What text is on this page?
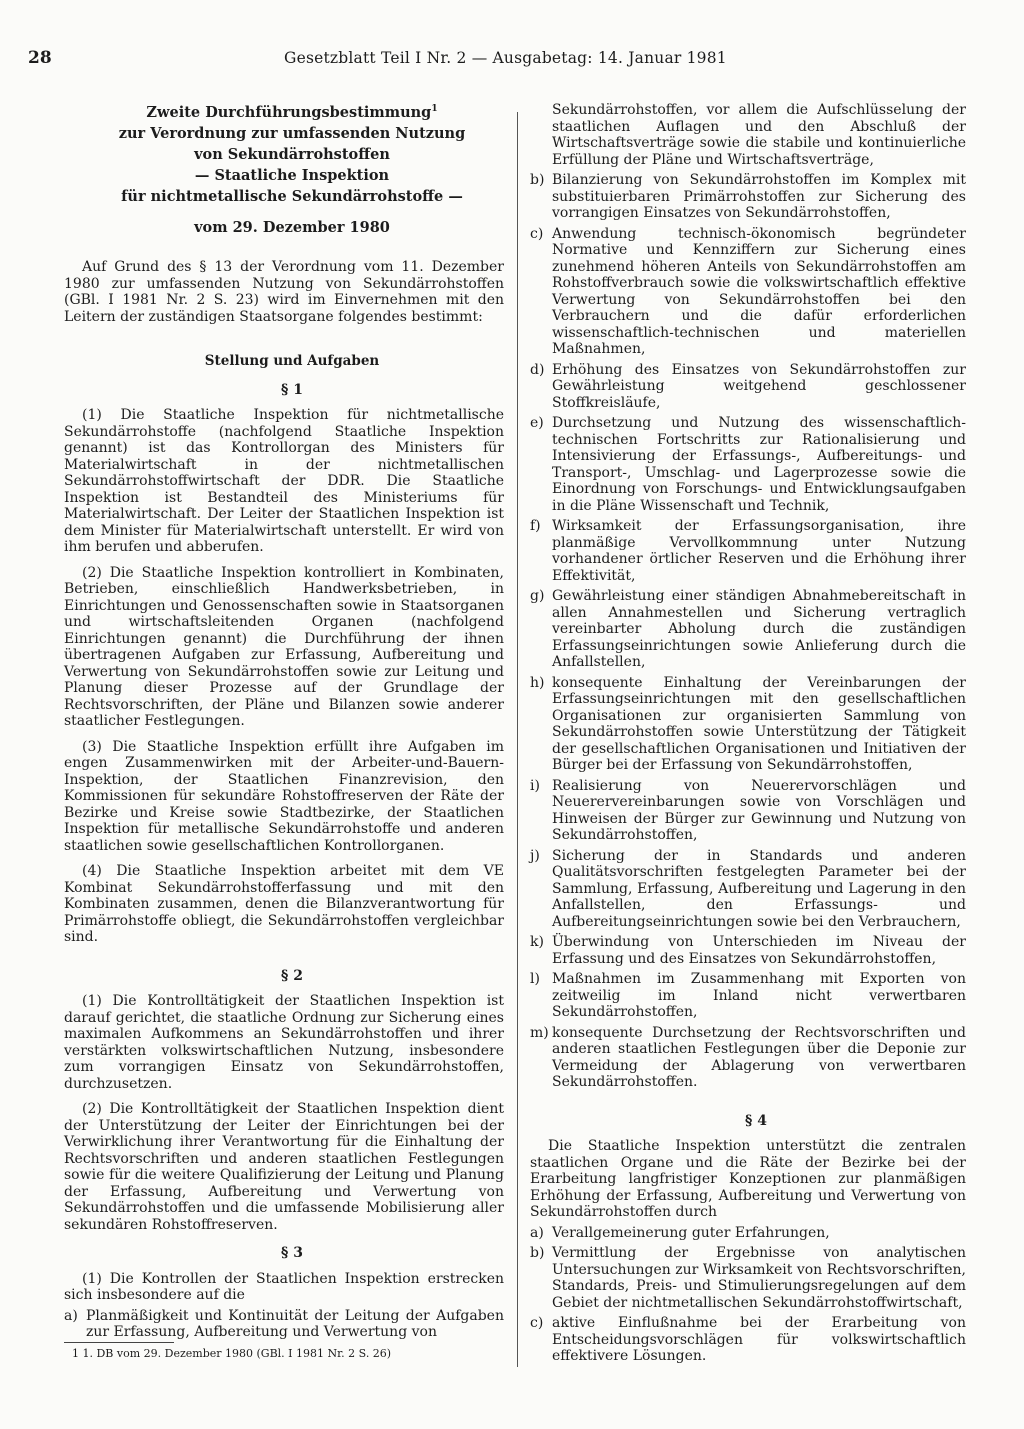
28	Gesetzblatt Teil I Nr. 2 — Ausgabetag: 14. Januar 1981
Zweite Durchführungsbestimmung$^1$
zur Verordnung zur umfassenden Nutzung
von Sekundärrohstoffen
— Staatliche Inspektion
für nichtmetallische Sekundärrohstoffe —
vom 29. Dezember 1980

Auf Grund des § 13 der Verordnung vom 11. Dezember 1980 zur umfassenden Nutzung von Sekundärrohstoffen (GBl. I 1981 Nr. 2 S. 23) wird im Einvernehmen mit den Leitern der zuständigen Staatsorgane folgendes bestimmt:

Stellung und Aufgaben
§ 1

(1) Die Staatliche Inspektion für nichtmetallische Sekundärrohstoffe (nachfolgend Staatliche Inspektion genannt) ist das Kontrollorgan des Ministers für Materialwirtschaft in der nichtmetallischen Sekundärrohstoffwirtschaft der DDR. Die Staatliche Inspektion ist Bestandteil des Ministeriums für Materialwirtschaft. Der Leiter der Staatlichen Inspektion ist dem Minister für Materialwirtschaft unterstellt. Er wird von ihm berufen und abberufen.

(2) Die Staatliche Inspektion kontrolliert in Kombinaten, Betrieben, einschließlich Handwerksbetrieben, in Einrichtungen und Genossenschaften sowie in Staatsorganen und wirtschaftsleitenden Organen (nachfolgend Einrichtungen genannt) die Durchführung der ihnen übertragenen Aufgaben zur Erfassung, Aufbereitung und Verwertung von Sekundärrohstoffen sowie zur Leitung und Planung dieser Prozesse auf der Grundlage der Rechtsvorschriften, der Pläne und Bilanzen sowie anderer staatlicher Festlegungen.

(3) Die Staatliche Inspektion erfüllt ihre Aufgaben im engen Zusammenwirken mit der Arbeiter-und-Bauern-Inspektion, der Staatlichen Finanzrevision, den Kommissionen für sekundäre Rohstoffreserven der Räte der Bezirke und Kreise sowie Stadtbezirke, der Staatlichen Inspektion für metallische Sekundärrohstoffe und anderen staatlichen sowie gesellschaftlichen Kontrollorganen.

(4) Die Staatliche Inspektion arbeitet mit dem VE Kombinat Sekundärrohstofferfassung und mit den Kombinaten zusammen, denen die Bilanzverantwortung für Primärrohstoffe obliegt, die Sekundärrohstoffen vergleichbar sind.

§ 2

(1) Die Kontrolltätigkeit der Staatlichen Inspektion ist darauf gerichtet, die staatliche Ordnung zur Sicherung eines maximalen Aufkommens an Sekundärrohstoffen und ihrer verstärkten volkswirtschaftlichen Nutzung, insbesondere zum vorrangigen Einsatz von Sekundärrohstoffen, durchzusetzen.

(2) Die Kontrolltätigkeit der Staatlichen Inspektion dient der Unterstützung der Leiter der Einrichtungen bei der Verwirklichung ihrer Verantwortung für die Einhaltung der Rechtsvorschriften und anderen staatlichen Festlegungen sowie für die weitere Qualifizierung der Leitung und Planung der Erfassung, Aufbereitung und Verwertung von Sekundärrohstoffen und die umfassende Mobilisierung aller sekundären Rohstoffreserven.

§ 3

(1) Die Kontrollen der Staatlichen Inspektion erstrecken sich insbesondere auf die

a) Planmäßigkeit und Kontinuität der Leitung der Aufgaben zur Erfassung, Aufbereitung und Verwertung von
1 1. DB vom 29. Dezember 1980 (GBl. I 1981 Nr. 2 S. 26)
Sekundärrohstoffen, vor allem die Aufschlüsselung der staatlichen Auflagen und den Abschluß der Wirtschaftsverträge sowie die stabile und kontinuierliche Erfüllung der Pläne und Wirtschaftsverträge,
b) Bilanzierung von Sekundärrohstoffen im Komplex mit substituierbaren Primärrohstoffen zur Sicherung des vorrangigen Einsatzes von Sekundärrohstoffen,
c) Anwendung technisch-ökonomisch begründeter Normative und Kennziffern zur Sicherung eines zunehmend höheren Anteils von Sekundärrohstoffen am Rohstoffverbrauch sowie die volkswirtschaftlich effektive Verwertung von Sekundärrohstoffen bei den Verbrauchern und die dafür erforderlichen wissenschaftlich-technischen und materiellen Maßnahmen,
d) Erhöhung des Einsatzes von Sekundärrohstoffen zur Gewährleistung weitgehend geschlossener Stoffkreisläufe,
e) Durchsetzung und Nutzung des wissenschaftlich-technischen Fortschritts zur Rationalisierung und Intensivierung der Erfassungs-, Aufbereitungs- und Transport-, Umschlag- und Lagerprozesse sowie die Einordnung von Forschungs- und Entwicklungsaufgaben in die Pläne Wissenschaft und Technik,
f) Wirksamkeit der Erfassungsorganisation, ihre planmäßige Vervollkommnung unter Nutzung vorhandener örtlicher Reserven und die Erhöhung ihrer Effektivität,
g) Gewährleistung einer ständigen Abnahmebereitschaft in allen Annahmestellen und Sicherung vertraglich vereinbarter Abholung durch die zuständigen Erfassungseinrichtungen sowie Anlieferung durch die Anfallstellen,
h) konsequente Einhaltung der Vereinbarungen der Erfassungseinrichtungen mit den gesellschaftlichen Organisationen zur organisierten Sammlung von Sekundärrohstoffen sowie Unterstützung der Tätigkeit der gesellschaftlichen Organisationen und Initiativen der Bürger bei der Erfassung von Sekundärrohstoffen,
i) Realisierung von Neuerervorschlägen und Neuerervereinbarungen sowie von Vorschlägen und Hinweisen der Bürger zur Gewinnung und Nutzung von Sekundärrohstoffen,
j) Sicherung der in Standards und anderen Qualitätsvorschriften festgelegten Parameter bei der Sammlung, Erfassung, Aufbereitung und Lagerung in den Anfallstellen, den Erfassungs- und Aufbereitungseinrichtungen sowie bei den Verbrauchern,
k) Überwindung von Unterschieden im Niveau der Erfassung und des Einsatzes von Sekundärrohstoffen,
l) Maßnahmen im Zusammenhang mit Exporten von zeitweilig im Inland nicht verwertbaren Sekundärrohstoffen,
m) konsequente Durchsetzung der Rechtsvorschriften und anderen staatlichen Festlegungen über die Deponie zur Vermeidung der Ablagerung von verwertbaren Sekundärrohstoffen.
§ 4

Die Staatliche Inspektion unterstützt die zentralen staatlichen Organe und die Räte der Bezirke bei der Erarbeitung langfristiger Konzeptionen zur planmäßigen Erhöhung der Erfassung, Aufbereitung und Verwertung von Sekundärrohstoffen durch

a) Verallgemeinerung guter Erfahrungen,
b) Vermittlung der Ergebnisse von analytischen Untersuchungen zur Wirksamkeit von Rechtsvorschriften, Standards, Preis- und Stimulierungsregelungen auf dem Gebiet der nichtmetallischen Sekundärrohstoffwirtschaft,
c) aktive Einflußnahme bei der Erarbeitung von Entscheidungsvorschlägen für volkswirtschaftlich effektivere Lösungen.
